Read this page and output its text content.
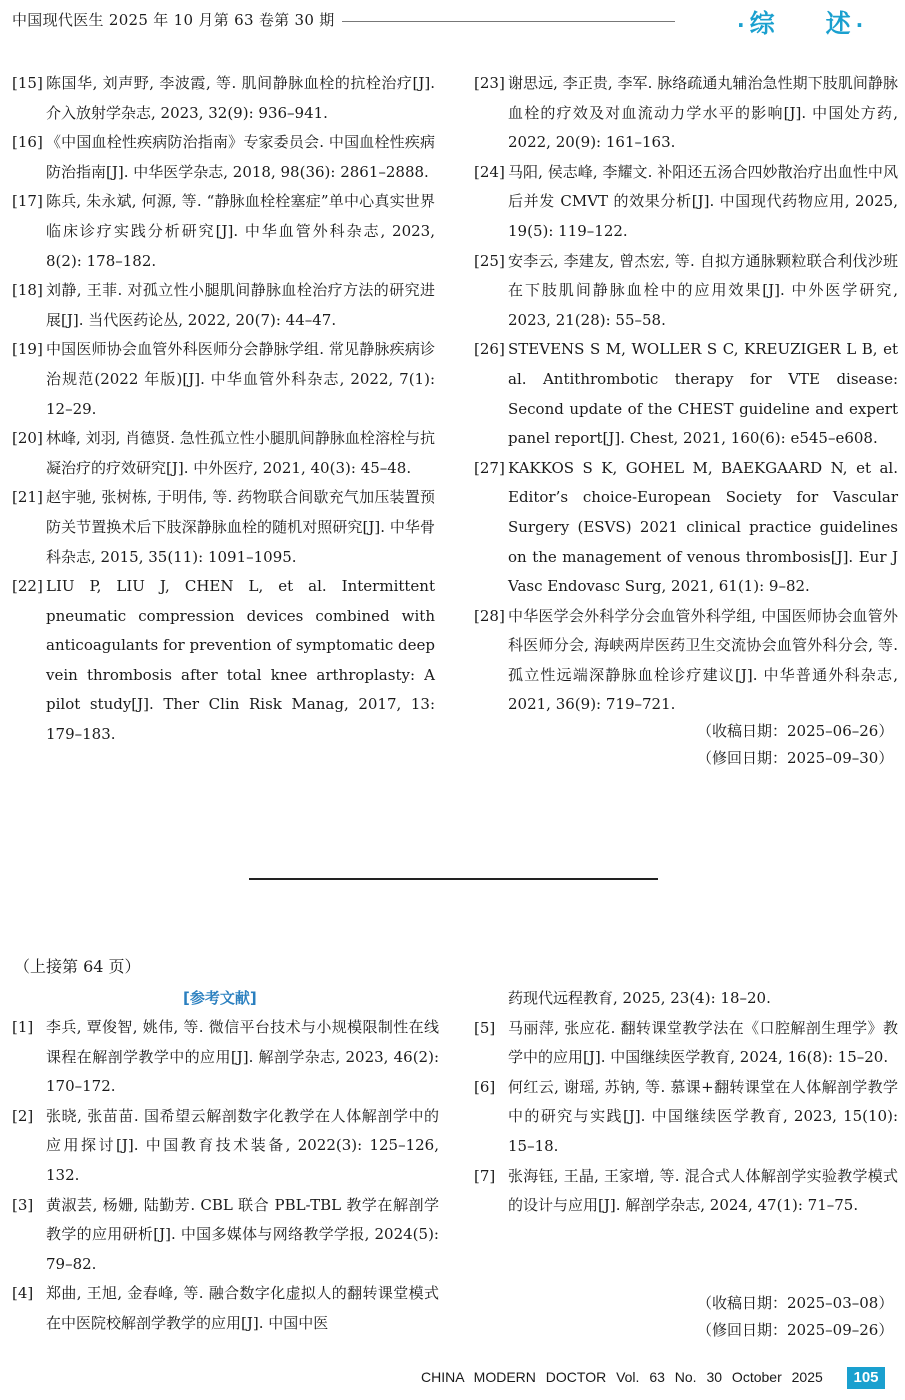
中国现代医生 2025 年 10 月第 63 卷第 30 期	· 综 述 ·

[15] 陈国华, 刘声野, 李波霞, 等. 肌间静脉血栓的抗栓治疗[J]. 介入放射学杂志, 2023, 32(9): 936–941.

[16] 《中国血栓性疾病防治指南》专家委员会. 中国血栓性疾病防治指南[J]. 中华医学杂志, 2018, 98(36): 2861–2888.

[17] 陈兵, 朱永斌, 何源, 等. “静脉血栓栓塞症”单中心真实世界临床诊疗实践分析研究[J]. 中华血管外科杂志, 2023, 8(2): 178–182.

[18] 刘静, 王菲. 对孤立性小腿肌间静脉血栓治疗方法的研究进展[J]. 当代医药论丛, 2022, 20(7): 44–47.

[19] 中国医师协会血管外科医师分会静脉学组. 常见静脉疾病诊治规范(2022 年版)[J]. 中华血管外科杂志, 2022, 7(1): 12–29.

[20] 林峰, 刘羽, 肖德贤. 急性孤立性小腿肌间静脉血栓溶栓与抗凝治疗的疗效研究[J]. 中外医疗, 2021, 40(3): 45–48.

[21] 赵宇驰, 张树栋, 于明伟, 等. 药物联合间歇充气加压装置预防关节置换术后下肢深静脉血栓的随机对照研究[J]. 中华骨科杂志, 2015, 35(11): 1091–1095.

[22] LIU P, LIU J, CHEN L, et al. Intermittent pneumatic compression devices combined with anticoagulants for prevention of symptomatic deep vein thrombosis after total knee arthroplasty: A pilot study[J]. Ther Clin Risk Manag, 2017, 13: 179–183.

[23] 谢思远, 李正贵, 李军. 脉络疏通丸辅治急性期下肢肌间静脉血栓的疗效及对血流动力学水平的影响[J]. 中国处方药, 2022, 20(9): 161–163.

[24] 马阳, 侯志峰, 李耀文. 补阳还五汤合四妙散治疗出血性中风后并发 CMVT 的效果分析[J]. 中国现代药物应用, 2025, 19(5): 119–122.

[25] 安李云, 李建友, 曾杰宏, 等. 自拟方通脉颗粒联合利伐沙班在下肢肌间静脉血栓中的应用效果[J]. 中外医学研究, 2023, 21(28): 55–58.

[26] STEVENS S M, WOLLER S C, KREUZIGER L B, et al. Antithrombotic therapy for VTE disease: Second update of the CHEST guideline and expert panel report[J]. Chest, 2021, 160(6): e545–e608.

[27] KAKKOS S K, GOHEL M, BAEKGAARD N, et al. Editor’s choice-European Society for Vascular Surgery (ESVS) 2021 clinical practice guidelines on the management of venous thrombosis[J]. Eur J Vasc Endovasc Surg, 2021, 61(1): 9–82.

[28] 中华医学会外科学分会血管外科学组, 中国医师协会血管外科医师分会, 海峡两岸医药卫生交流协会血管外科分会, 等. 孤立性远端深静脉血栓诊疗建议[J]. 中华普通外科杂志, 2021, 36(9): 719–721.

（收稿日期：2025–06–26）
（修回日期：2025–09–30）
（上接第 64 页）
[参考文献]

[1] 李兵, 覃俊智, 姚伟, 等. 微信平台技术与小规模限制性在线课程在解剖学教学中的应用[J]. 解剖学杂志, 2023, 46(2): 170–172.

[2] 张晓, 张苗苗. 国希望云解剖数字化教学在人体解剖学中的应用探讨[J]. 中国教育技术装备, 2022(3): 125–126, 132.

[3] 黄淑芸, 杨姗, 陆勤芳. CBL 联合 PBL-TBL 教学在解剖学教学的应用研析[J]. 中国多媒体与网络教学学报, 2024(5): 79–82.

[4] 郑曲, 王旭, 金春峰, 等. 融合数字化虚拟人的翻转课堂模式在中医院校解剖学教学的应用[J]. 中国中医

药现代远程教育, 2025, 23(4): 18–20.

[5] 马丽萍, 张应花. 翻转课堂教学法在《口腔解剖生理学》教学中的应用[J]. 中国继续医学教育, 2024, 16(8): 15–20.

[6] 何红云, 谢瑶, 苏钠, 等. 慕课+翻转课堂在人体解剖学教学中的研究与实践[J]. 中国继续医学教育, 2023, 15(10): 15–18.

[7] 张海钰, 王晶, 王家增, 等. 混合式人体解剖学实验教学模式的设计与应用[J]. 解剖学杂志, 2024, 47(1): 71–75.

（收稿日期：2025–03–08）
（修回日期：2025–09–26）
CHINA MODERN DOCTOR Vol. 63 No. 30 October 2025	105
